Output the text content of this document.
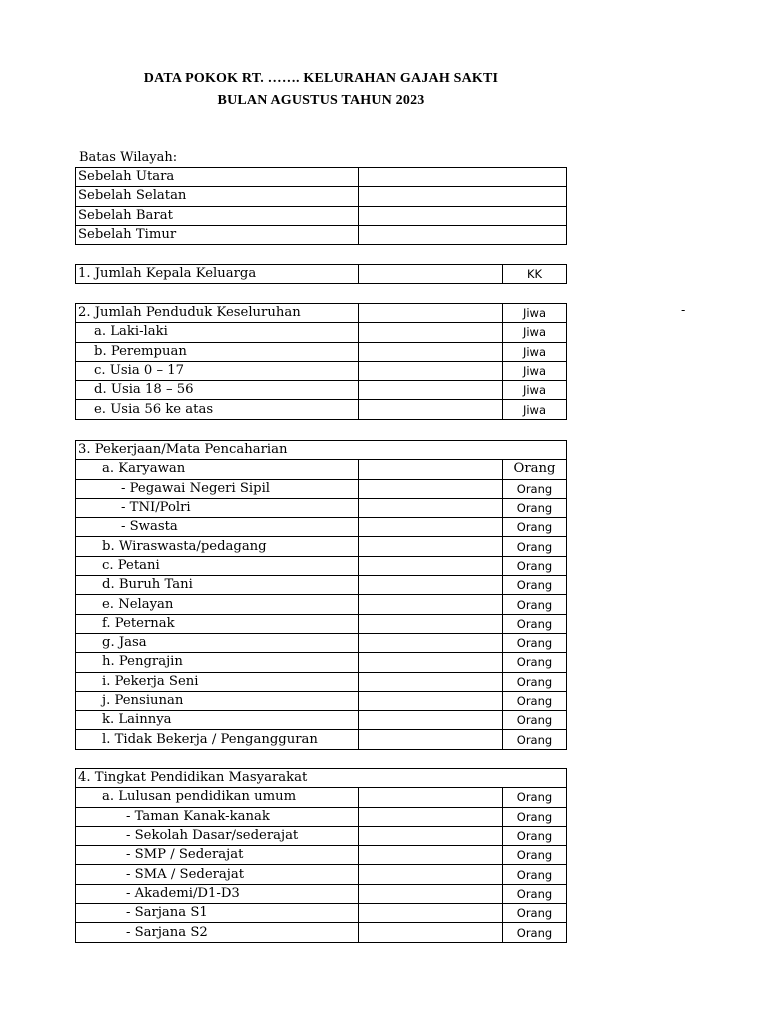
DATA POKOK RT. ……. KELURAHAN GAJAH SAKTI
BULAN AGUSTUS TAHUN 2023
Batas Wilayah:
Sebelah Utara	
Sebelah Selatan	
Sebelah Barat	
Sebelah Timur	
1. Jumlah Kepala Keluarga		KK
2. Jumlah Penduduk Keseluruhan		Jiwa
a. Laki-laki		Jiwa
b. Perempuan		Jiwa
c. Usia 0 – 17		Jiwa
d. Usia 18 – 56		Jiwa
e. Usia 56 ke atas		Jiwa
3. Pekerjaan/Mata Pencaharian		
a. Karyawan		Orang
- Pegawai Negeri Sipil		Orang
- TNI/Polri		Orang
- Swasta		Orang
b. Wiraswasta/pedagang		Orang
c. Petani		Orang
d. Buruh Tani		Orang
e. Nelayan		Orang
f. Peternak		Orang
g. Jasa		Orang
h. Pengrajin		Orang
i. Pekerja Seni		Orang
j. Pensiunan		Orang
k. Lainnya		Orang
l. Tidak Bekerja / Pengangguran		Orang
4. Tingkat Pendidikan Masyarakat		
a. Lulusan pendidikan umum		Orang
- Taman Kanak-kanak		Orang
- Sekolah Dasar/sederajat		Orang
- SMP / Sederajat		Orang
- SMA / Sederajat		Orang
- Akademi/D1-D3		Orang
- Sarjana S1		Orang
- Sarjana S2		Orang
-
